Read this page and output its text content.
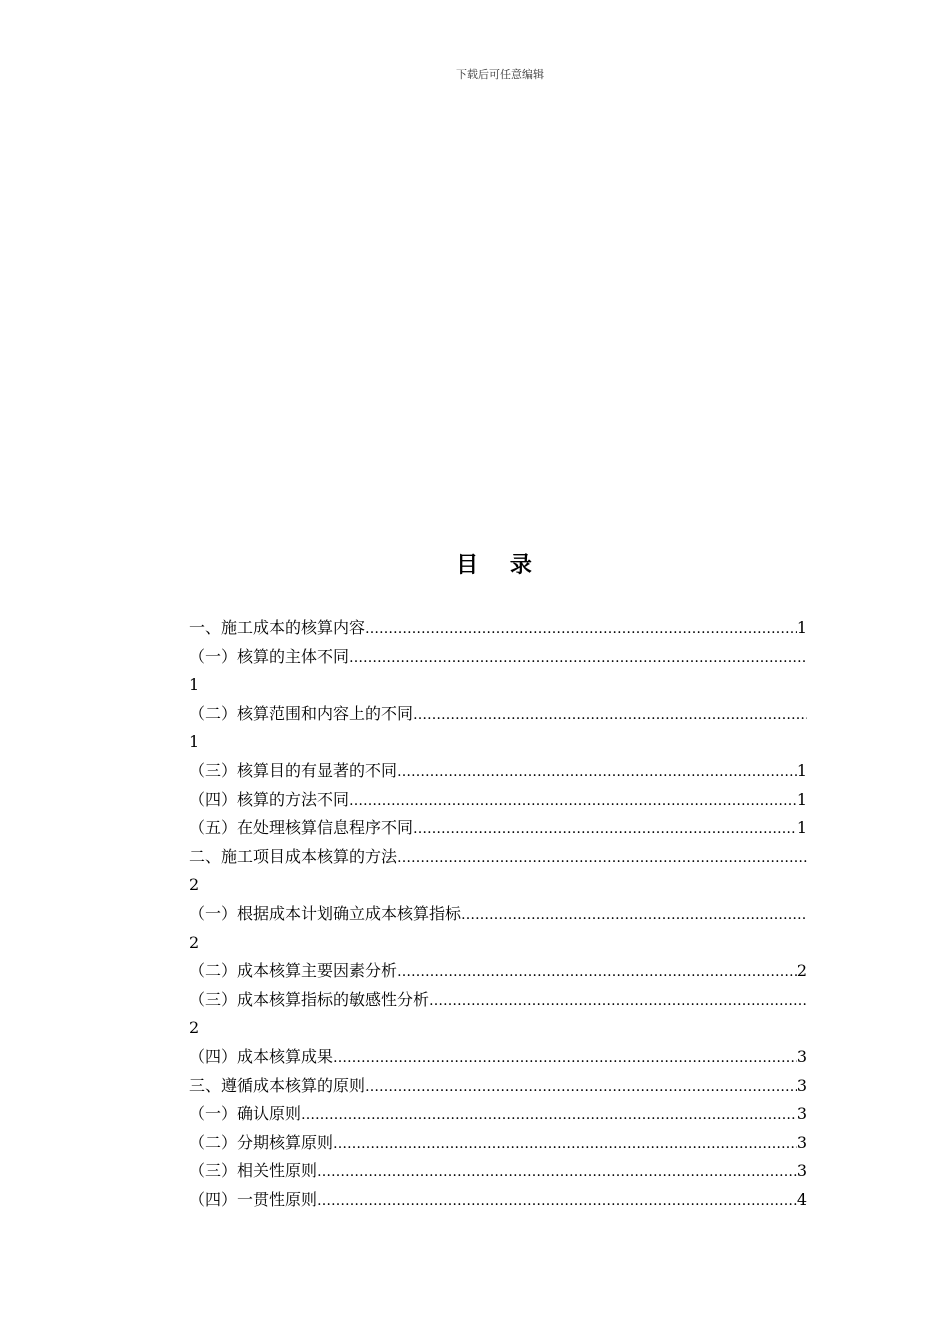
下载后可任意编辑
目 录
一、施工成本的核算内容 ……………………………………………………………………………………………………………………………………	1
（一）核算的主体不同
……………………………………………………………………………………………………………………………………
1
（二）核算范围和内容上的不同
……………………………………………………………………………………………………………………………………
1
（三）核算目的有显著的不同 ……………………………………………………………………………………………………………………………………	1
（四）核算的方法不同 ……………………………………………………………………………………………………………………………………	1
（五）在处理核算信息程序不同 ……………………………………………………………………………………………………………………………………	1
二、施工项目成本核算的方法
……………………………………………………………………………………………………………………………………
2
（一）根据成本计划确立成本核算指标
……………………………………………………………………………………………………………………………………
2
（二）成本核算主要因素分析 ……………………………………………………………………………………………………………………………………	2
（三）成本核算指标的敏感性分析
……………………………………………………………………………………………………………………………………
2
（四）成本核算成果 ……………………………………………………………………………………………………………………………………	3
三、遵循成本核算的原则 ……………………………………………………………………………………………………………………………………	3
（一）确认原则 ……………………………………………………………………………………………………………………………………	3
（二）分期核算原则 ……………………………………………………………………………………………………………………………………	3
（三）相关性原则 ……………………………………………………………………………………………………………………………………	3
（四）一贯性原则 ……………………………………………………………………………………………………………………………………	4
